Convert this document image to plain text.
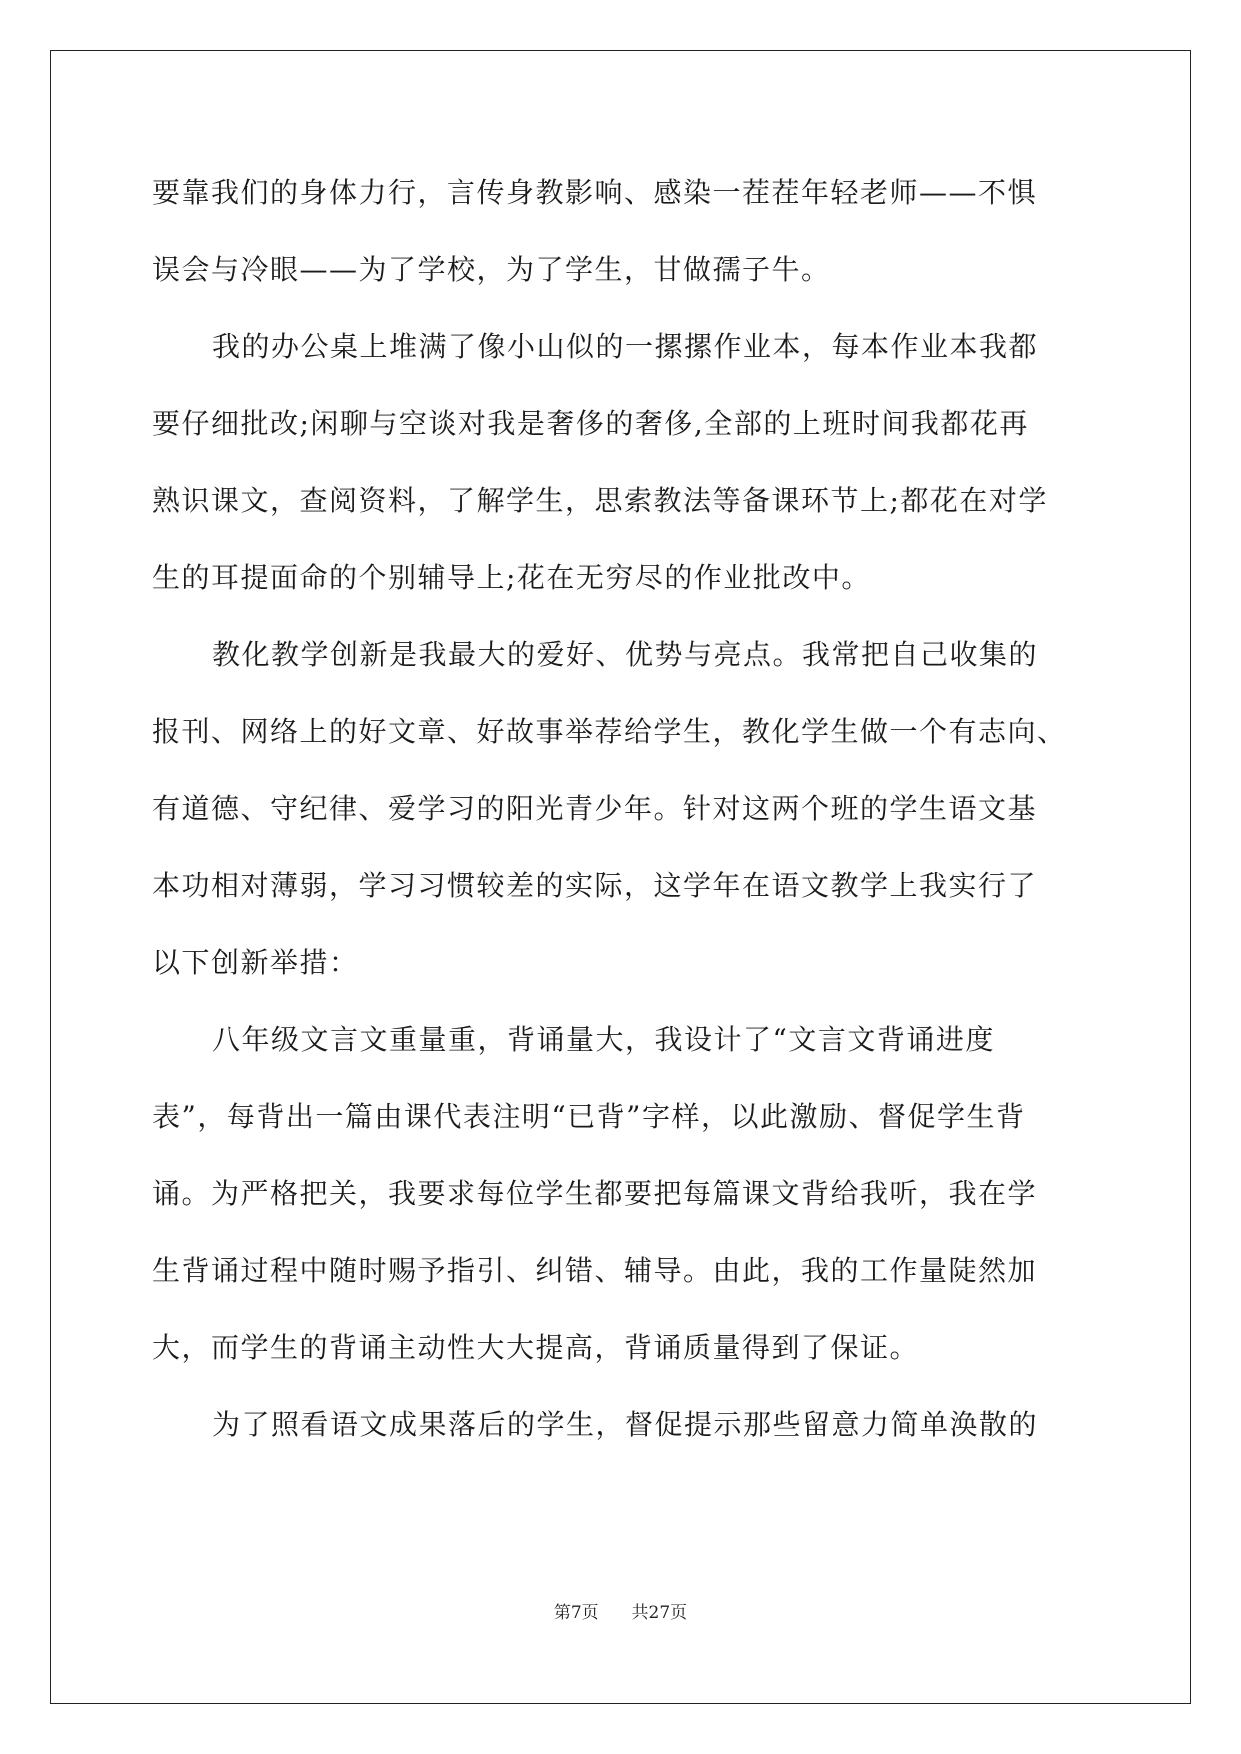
要靠我们的身体力行，言传身教影响、感染一茬茬年轻老师——不惧
误会与冷眼——为了学校，为了学生，甘做孺子牛。
我的办公桌上堆满了像小山似的一摞摞作业本，每本作业本我都
要仔细批改;闲聊与空谈对我是奢侈的奢侈,全部的上班时间我都花再
熟识课文，查阅资料，了解学生，思索教法等备课环节上;都花在对学
生的耳提面命的个别辅导上;花在无穷尽的作业批改中。
教化教学创新是我最大的爱好、优势与亮点。我常把自己收集的
报刊、网络上的好文章、好故事举荐给学生，教化学生做一个有志向、
有道德、守纪律、爱学习的阳光青少年。针对这两个班的学生语文基
本功相对薄弱，学习习惯较差的实际，这学年在语文教学上我实行了
以下创新举措：
八年级文言文重量重，背诵量大，我设计了“文言文背诵进度
表”，每背出一篇由课代表注明“已背”字样，以此激励、督促学生背
诵。为严格把关，我要求每位学生都要把每篇课文背给我听，我在学
生背诵过程中随时赐予指引、纠错、辅导。由此，我的工作量陡然加
大，而学生的背诵主动性大大提高，背诵质量得到了保证。
为了照看语文成果落后的学生，督促提示那些留意力简单涣散的
第7页 共27页
